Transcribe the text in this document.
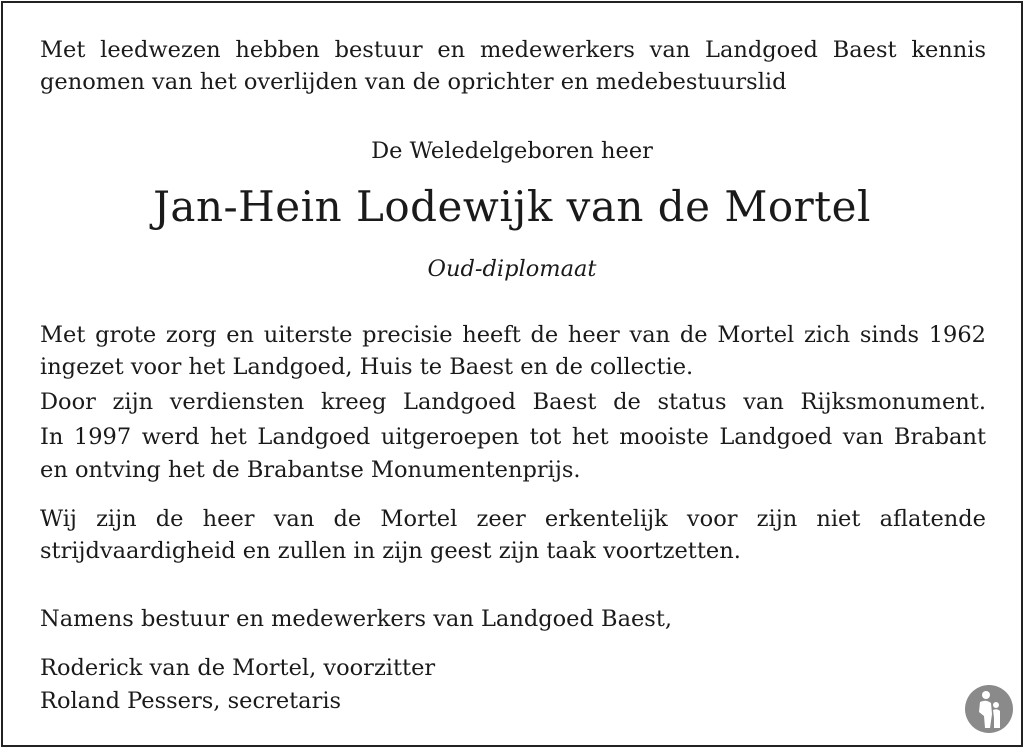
Met leedwezen hebben bestuur en medewerkers van Landgoed Baest kennis
genomen van het overlijden van de oprichter en medebestuurslid
De Weledelgeboren heer
Jan-Hein Lodewijk van de Mortel
Oud-diplomaat
Met grote zorg en uiterste precisie heeft de heer van de Mortel zich sinds 1962
ingezet voor het Landgoed, Huis te Baest en de collectie.
Door zijn verdiensten kreeg Landgoed Baest de status van Rijksmonument.
In 1997 werd het Landgoed uitgeroepen tot het mooiste Landgoed van Brabant
en ontving het de Brabantse Monumentenprijs.
Wij zijn de heer van de Mortel zeer erkentelijk voor zijn niet aflatende
strijdvaardigheid en zullen in zijn geest zijn taak voortzetten.
Namens bestuur en medewerkers van Landgoed Baest,
Roderick van de Mortel, voorzitter
Roland Pessers, secretaris
